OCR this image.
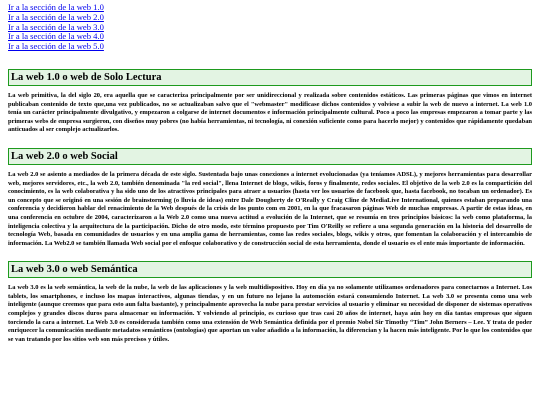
Ir a la sección de la web 1.0
Ir a la sección de la web 2.0
Ir a la sección de la web 3.0
Ir a la sección de la web 4.0
Ir a la sección de la web 5.0
La web 1.0 o web de Solo Lectura

La web primitiva, la del siglo 20, era aquella que se caracteriza principalmente por ser unidireccional y realizada sobre contenidos estáticos. Las primeras páginas que vimos en internet publicaban contenido de texto que,una vez publicados, no se actualizaban salvo que el "webmaster" modificase dichos contenidos y volviese a subir la web de nuevo a internet. La web 1.0 tenía un carácter principalmente divulgativo, y empezaron a colgarse de internet documentos e información principalmente cultural. Poco a poco las empresas empezaron a tomar parte y las primeras webs de empresa surgieron, con diseños muy pobres (no había herramientas, ni tecnología, ni conexión suficiente como para hacerlo mejor) y contenidos que rápidamente quedaban anticuados al ser complejo actualizarlos.

La web 2.0 o web Social

La web 2.0 se asiento a mediados de la primera década de este siglo. Sustentada bajo unas conexiones a internet evolucionadas (ya teníamos ADSL), y mejores herramientas para desarrollar web, mejores servidores, etc., la web 2.0, también denominada "la red social", llena Internet de blogs, wikis, foros y finalmente, redes sociales. El objetivo de la web 2.0 es la compartición del conocimiento, es la web colaborativa y ha sido uno de los atractivos principales para atraer a usuarios (hasta ver los usuarios de facebook que, hasta facebook, no tocaban un ordenador). Es un concepto que se originó en una sesión de brainstorming (o lluvia de ideas) entre Dale Dougherty de O'Really y Craig Cline de MediaLive International, quienes estaban preparando una conferencia y decidieron hablar del renacimiento de la Web después de la crisis de los punto com en 2001, en la que fracasaron páginas Web de muchas empresas. A partir de estas ideas, en una conferencia en octubre de 2004, caracterizaron a la Web 2.0 como una nueva actitud a evolución de la Internet, que se resumía en tres principios básicos: la web como plataforma, la inteligencia colectiva y la arquitectura de la participación. Dicho de otro modo, este término propuesto por Tim O'Reilly se refiere a una segunda generación en la historia del desarrollo de tecnología Web, basada en comunidades de usuarios y en una amplia gama de herramientas, como las redes sociales, blogs, wikis y otros, que fomentan la colaboración y el intercambio de información. La Web2.0 se también llamada Web social por el enfoque colaborativo y de construcción social de esta herramienta, donde el usuario es el ente más importante de información.

La web 3.0 o web Semántica

La web 3.0 es la web semántica, la web de la nube, la web de las aplicaciones y la web multidispositivo. Hoy en día ya no solamente utilizamos ordenadores para conectarnos a Internet. Los tablets, los smartphones, e incluso los mapas interactivos, algunas tiendas, y en un futuro no lejano la automoción estará consumiendo Internet. La web 3.0 se presenta como una web inteligente (aunque creemos que para esto aun falta bastante), y principalmente aprovecha la nube para prestar servicios al usuario y eliminar su necesidad de disponer de sistemas operativos complejos y grandes discos duros para almacenar su información. Y volviendo al principio, es curioso que tras casi 20 años de internet, haya aún hoy en día tantas empresas que siguen torciendo la cara a internet. La Web 3.0 es considerada también como una extensión de Web Semántica definida por el premio Nobel Sir Timothy “Tim” John Berners – Lee. Y trata de poder enriquecer la comunicación mediante metadatos semánticos (ontologías) que aportan un valor añadido a la información, la diferencian y la hacen más inteligente. Por lo que los contenidos que se van tratando por los sitios web son más precisos y útiles.
